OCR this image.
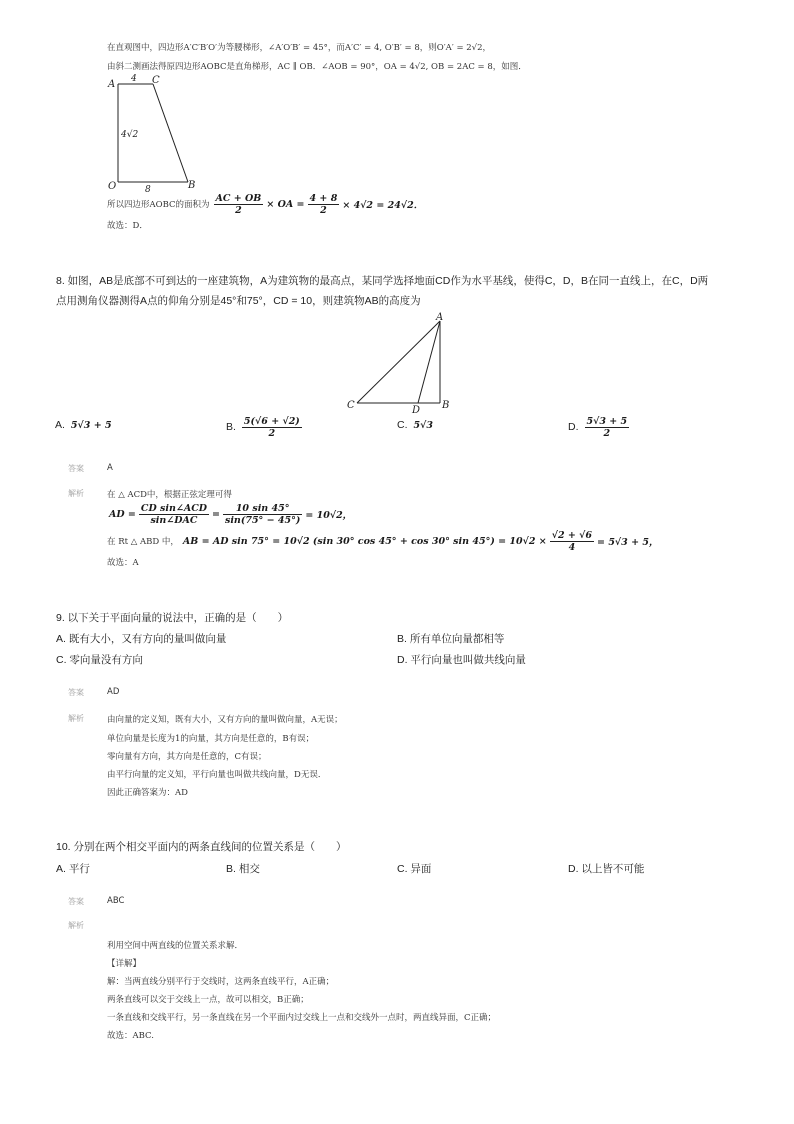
在直观图中，四边形A′C′B′O′为等腰梯形，∠A′O′B′ = 45°，而A′C′ = 4, O′B′ = 8，则O′A′ = 2√2，
由斜二测画法得原四边形AOBC是直角梯形，AC ∥ OB．∠AOB = 90°，OA = 4√2, OB = 2AC = 8，如图．
A	C
O	B
4
8
4√2
所以四边形AOBC的面积为 $\frac{AC + OB}{2}$ × OA = $\frac{4 + 8}{2} \times 4√2 = 24√2$．
故选：D．
8. 如图，AB是底部不可到达的一座建筑物，A为建筑物的最高点，某同学选择地面CD作为水平基线，使得C，D，B在同一直线上，在C，D两
点用测角仪器测得A点的仰角分别是45°和75°，CD = 10，则建筑物AB的高度为
A
C	D B
A. 5√3 + 5	B. $\frac{5(√6 + √2)}{2}$	C. 5√3	D. $\frac{5√3 + 5}{2}$
答案	A
解析	在 △ ACD中，根据正弦定理可得
AD = $\frac{\text{CD sin∠ACD}}{\text{sin∠DAC}} = \frac{10 \sin 45^\circ}{\sin(75^\circ - 45^\circ)} = 10√2$，
在 Rt △ ABD 中， AB = AD sin 75° = 10√2 (sin 30° cos 45° + cos 30° $\sin 45^\circ) = 10√2 \times \frac{√2 + √6}{4} = 5√3 + 5$，
故选：A
9. 以下关于平面向量的说法中，正确的是（　　）
A. 既有大小，又有方向的量叫做向量	B. 所有单位向量都相等
C. 零向量没有方向	D. 平行向量也叫做共线向量
答案	AD
解析	由向量的定义知，既有大小，又有方向的量叫做向量，A无误；
单位向量是长度为1的向量，其方向是任意的，B有误；
零向量有方向，其方向是任意的，C有误；
由平行向量的定义知，平行向量也叫做共线向量，D无误．
因此正确答案为：AD
10. 分别在两个相交平面内的两条直线间的位置关系是（　　）
A. 平行	B. 相交	C. 异面	D. 以上皆不可能
答案	ABC
解析
利用空间中两直线的位置关系求解．
【详解】
解：当两直线分别平行于交线时，这两条直线平行，A正确；
两条直线可以交于交线上一点，故可以相交，B正确；
一条直线和交线平行，另一条直线在另一个平面内过交线上一点和交线外一点时，两直线异面，C正确；
故选：ABC.
